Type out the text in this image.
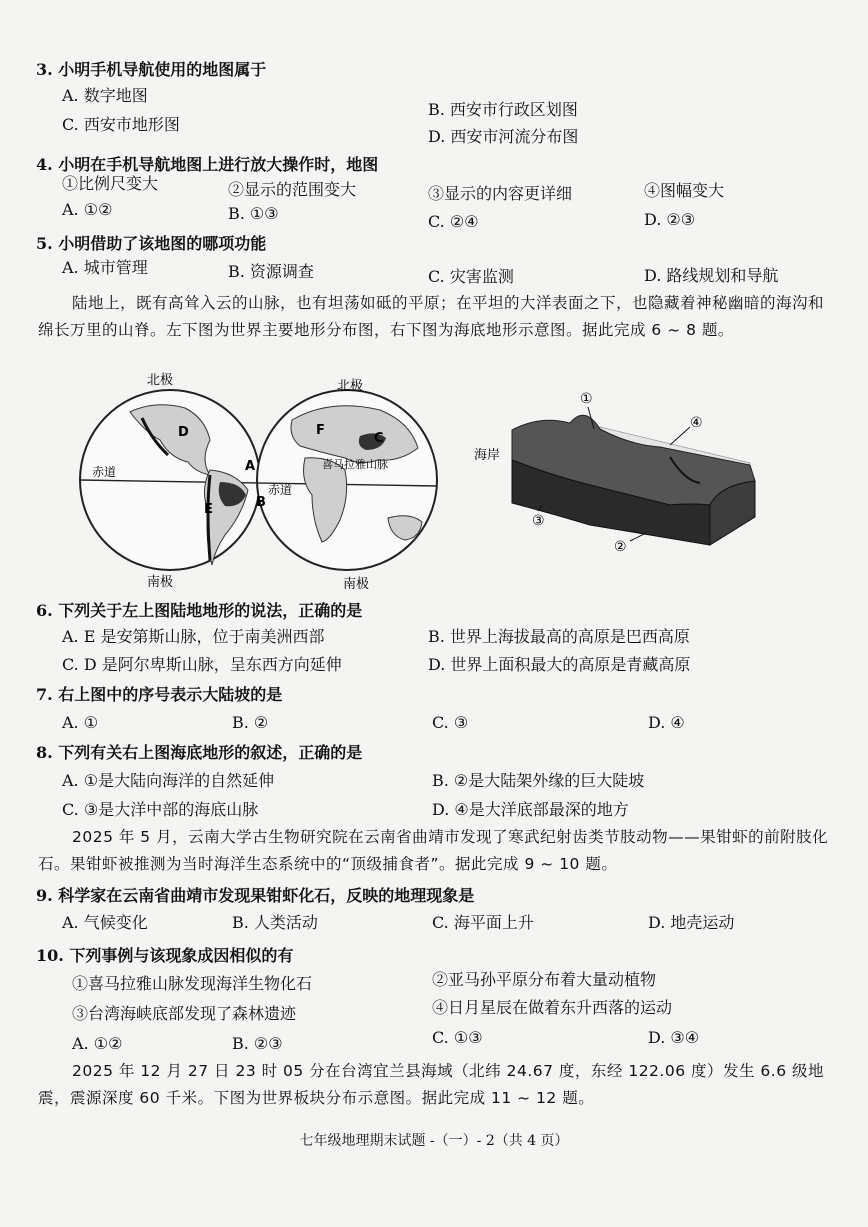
3. 小明手机导航使用的地图属于
A. 数字地图
B. 西安市行政区划图
C. 西安市地形图
D. 西安市河流分布图
4. 小明在手机导航地图上进行放大操作时，地图
①比例尺变大	②显示的范围变大	③显示的内容更详细	④图幅变大
A. ①②	B. ①③	C. ②④	D. ②③
5. 小明借助了该地图的哪项功能
A. 城市管理	B. 资源调查	C. 灾害监测	D. 路线规划和导航
陆地上，既有高耸入云的山脉，也有坦荡如砥的平原；在平坦的大洋表面之下，也隐藏着神秘幽暗的海沟和绵长万里的山脊。左下图为世界主要地形分布图，右下图为海底地形示意图。据此完成 6 ~ 8 题。
北极	北极
南极	南极
赤道
赤道
A
B
C
D
E
F
喜马拉雅山脉
①
④
③
②
海岸
6. 下列关于左上图陆地地形的说法，正确的是
A. E 是安第斯山脉，位于南美洲西部	B. 世界上海拔最高的高原是巴西高原
C. D 是阿尔卑斯山脉，呈东西方向延伸	D. 世界上面积最大的高原是青藏高原
7. 右上图中的序号表示大陆坡的是
A. ①	B. ②	C. ③	D. ④
8. 下列有关右上图海底地形的叙述，正确的是
A. ①是大陆向海洋的自然延伸	B. ②是大陆架外缘的巨大陡坡
C. ③是大洋中部的海底山脉	D. ④是大洋底部最深的地方
2025 年 5 月，云南大学古生物研究院在云南省曲靖市发现了寒武纪射齿类节肢动物——果钳虾的前附肢化石。果钳虾被推测为当时海洋生态系统中的“顶级捕食者”。据此完成 9 ~ 10 题。
9. 科学家在云南省曲靖市发现果钳虾化石，反映的地理现象是
A. 气候变化	B. 人类活动	C. 海平面上升	D. 地壳运动
10. 下列事例与该现象成因相似的有
①喜马拉雅山脉发现海洋生物化石	②亚马孙平原分布着大量动植物
③台湾海峡底部发现了森林遗迹	④日月星辰在做着东升西落的运动
A. ①②	B. ②③	C. ①③	D. ③④
2025 年 12 月 27 日 23 时 05 分在台湾宜兰县海域（北纬 24.67 度，东经 122.06 度）发生 6.6 级地震，震源深度 60 千米。下图为世界板块分布示意图。据此完成 11 ~ 12 题。
七年级地理期末试题 -（一）- 2（共 4 页）
